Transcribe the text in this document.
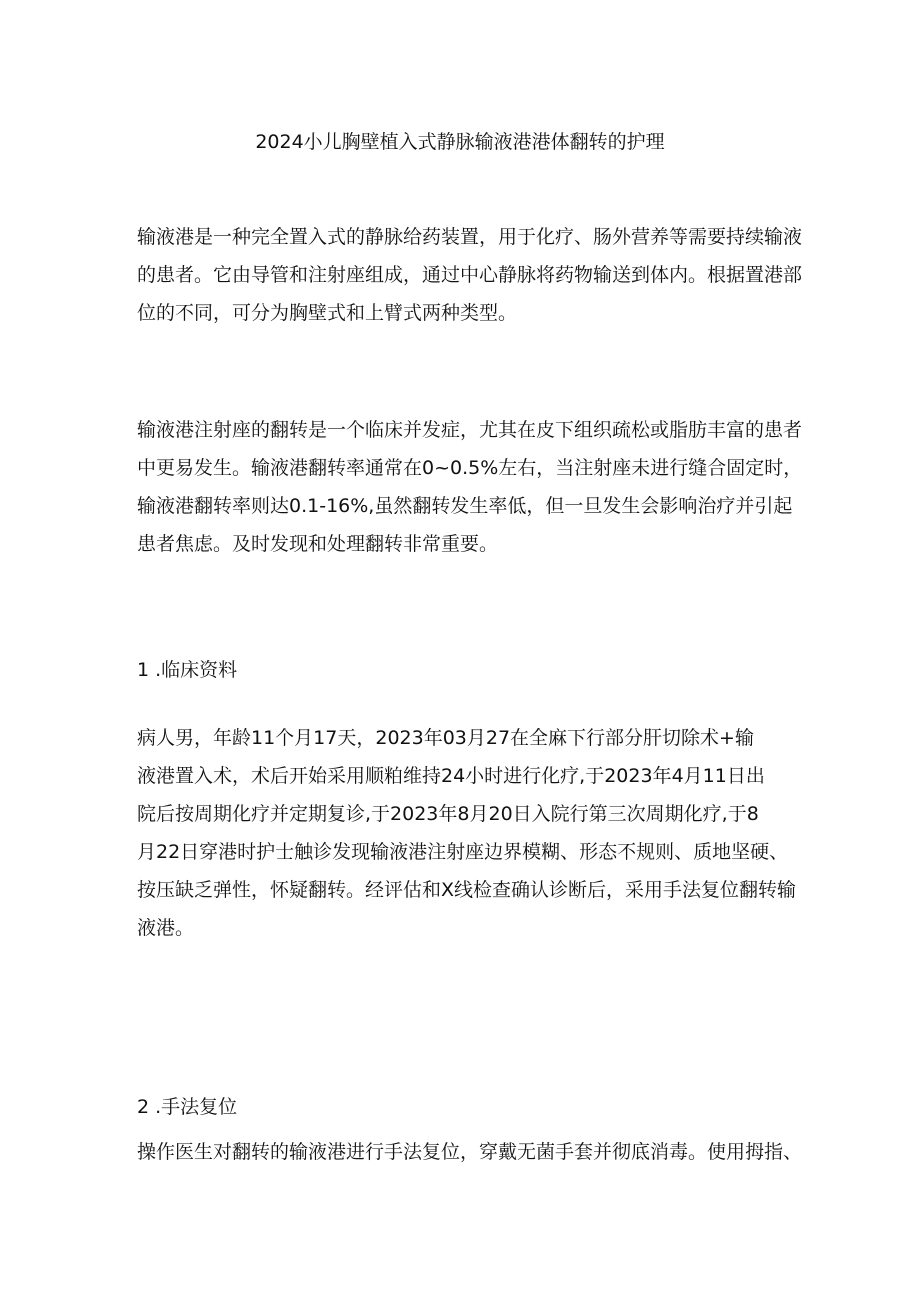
2024小儿胸壁植入式静脉输液港港体翻转的护理
输液港是一种完全置入式的静脉给药装置，用于化疗、肠外营养等需要持续输液
的患者。它由导管和注射座组成，通过中心静脉将药物输送到体内。根据置港部
位的不同，可分为胸壁式和上臂式两种类型。
输液港注射座的翻转是一个临床并发症，尤其在皮下组织疏松或脂肪丰富的患者
中更易发生。输液港翻转率通常在0~0.5%左右，当注射座未进行缝合固定时，
输液港翻转率则达0.1-16%,虽然翻转发生率低，但一旦发生会影响治疗并引起
患者焦虑。及时发现和处理翻转非常重要。
1 .临床资料
病人男，年龄11个月17天，2023年03月27在全麻下行部分肝切除术+输
液港置入术，术后开始采用顺粕维持24小时进行化疗,于2023年4月11日出
院后按周期化疗并定期复诊,于2023年8月20日入院行第三次周期化疗,于8
月22日穿港时护士触诊发现输液港注射座边界模糊、形态不规则、质地坚硬、
按压缺乏弹性，怀疑翻转。经评估和X线检查确认诊断后，采用手法复位翻转输
液港。
2 .手法复位
操作医生对翻转的输液港进行手法复位，穿戴无菌手套并彻底消毒。使用拇指、
